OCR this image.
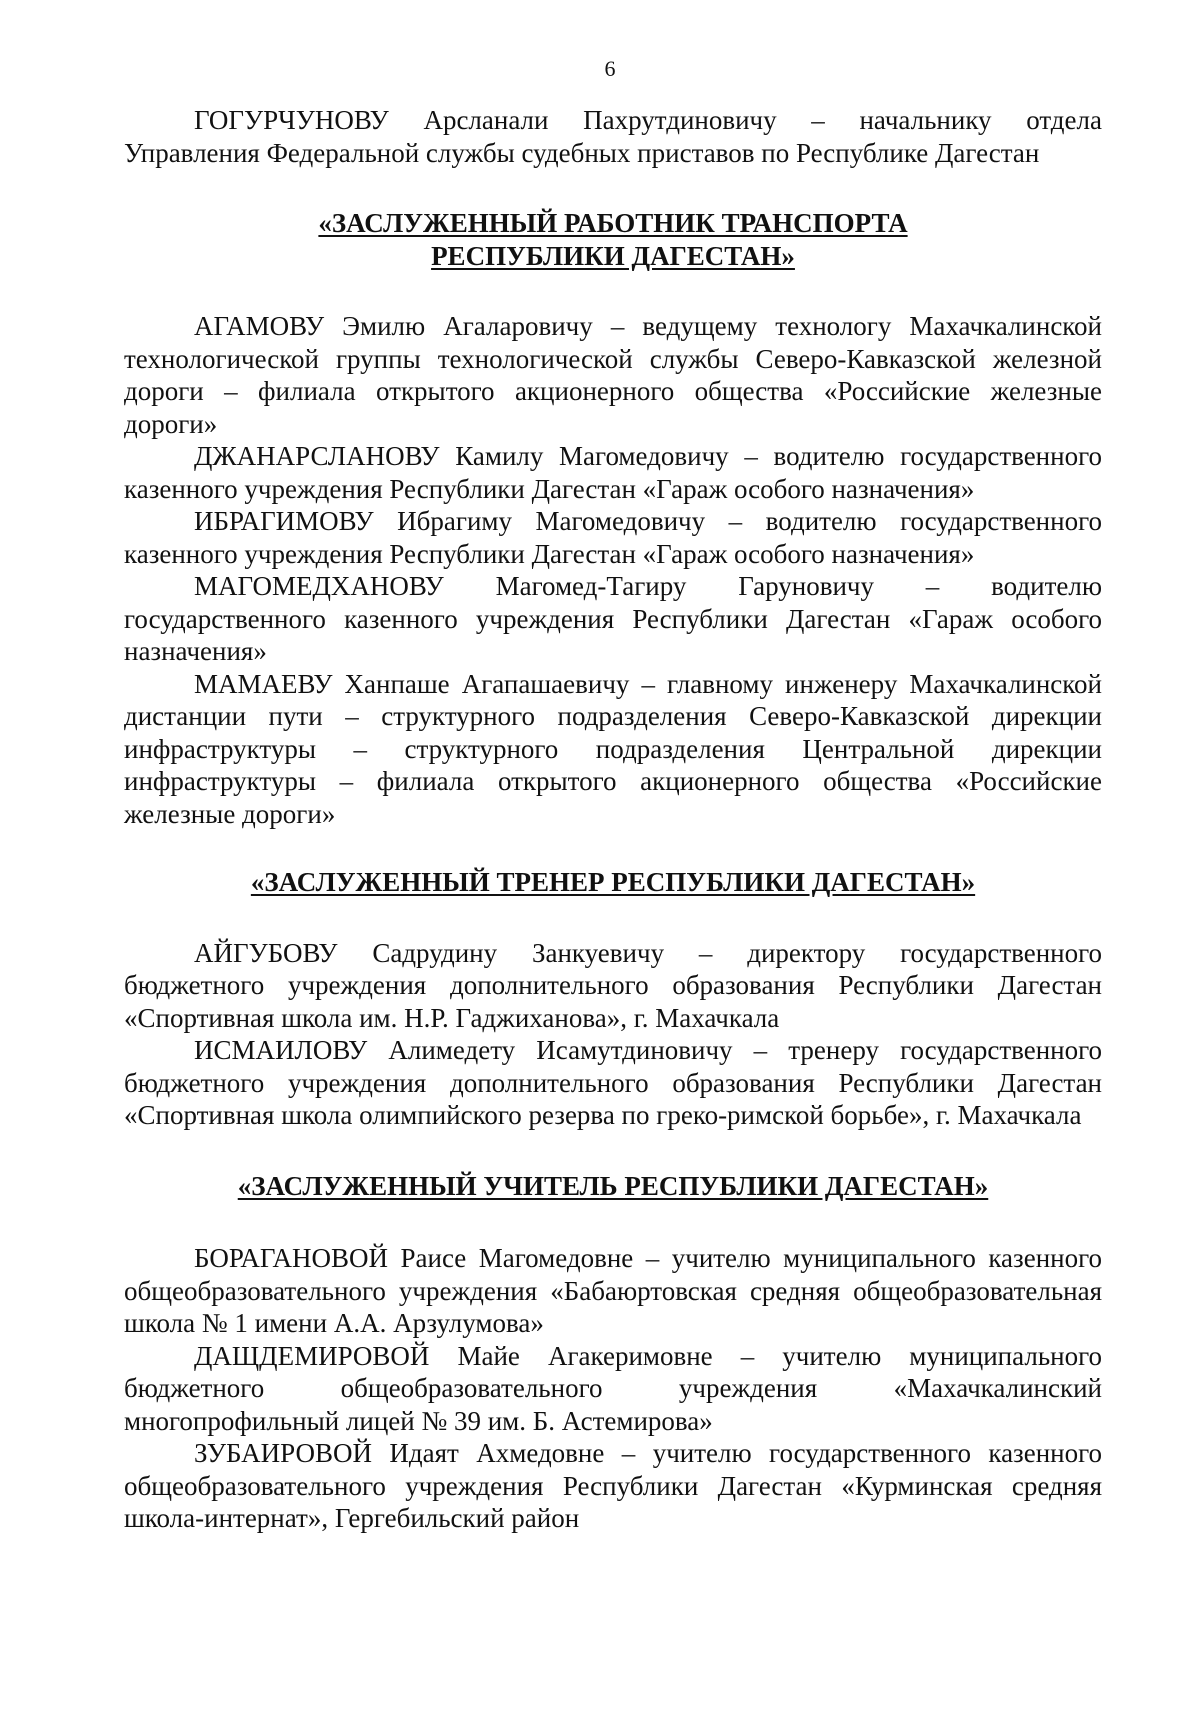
6

ГОГУРЧУНОВУ Арсланали Пахрутдиновичу – начальнику отдела Управления Федеральной службы судебных приставов по Республике Дагестан

«ЗАСЛУЖЕННЫЙ РАБОТНИК ТРАНСПОРТА
РЕСПУБЛИКИ ДАГЕСТАН»

АГАМОВУ Эмилю Агаларовичу – ведущему технологу Махачкалинской технологической группы технологической службы Северо-Кавказской железной дороги – филиала открытого акционерного общества «Российские железные дороги»

ДЖАНАРСЛАНОВУ Камилу Магомедовичу – водителю государственного казенного учреждения Республики Дагестан «Гараж особого назначения»

ИБРАГИМОВУ Ибрагиму Магомедовичу – водителю государственного казенного учреждения Республики Дагестан «Гараж особого назначения»

МАГОМЕДХАНОВУ Магомед-Тагиру Гаруновичу – водителю государственного казенного учреждения Республики Дагестан «Гараж особого назначения»

МАМАЕВУ Ханпаше Агапашаевичу – главному инженеру Махачкалинской дистанции пути – структурного подразделения Северо-Кавказской дирекции инфраструктуры – структурного подразделения Центральной дирекции инфраструктуры – филиала открытого акционерного общества «Российские железные дороги»

«ЗАСЛУЖЕННЫЙ ТРЕНЕР РЕСПУБЛИКИ ДАГЕСТАН»

АЙГУБОВУ Садрудину Занкуевичу – директору государственного бюджетного учреждения дополнительного образования Республики Дагестан «Спортивная школа им. Н.Р. Гаджиханова», г. Махачкала

ИСМАИЛОВУ Алимедету Исамутдиновичу – тренеру государственного бюджетного учреждения дополнительного образования Республики Дагестан «Спортивная школа олимпийского резерва по греко-римской борьбе», г. Махачкала

«ЗАСЛУЖЕННЫЙ УЧИТЕЛЬ РЕСПУБЛИКИ ДАГЕСТАН»

БОРАГАНОВОЙ Раисе Магомедовне – учителю муниципального казенного общеобразовательного учреждения «Бабаюртовская средняя общеобразовательная школа № 1 имени А.А. Арзулумова»

ДАЩДЕМИРОВОЙ Майе Агакеримовне – учителю муниципального бюджетного общеобразовательного учреждения «Махачкалинский многопрофильный лицей № 39 им. Б. Астемирова»

ЗУБАИРОВОЙ Идаят Ахмедовне – учителю государственного казенного общеобразовательного учреждения Республики Дагестан «Курминская средняя школа-интернат», Гергебильский район
